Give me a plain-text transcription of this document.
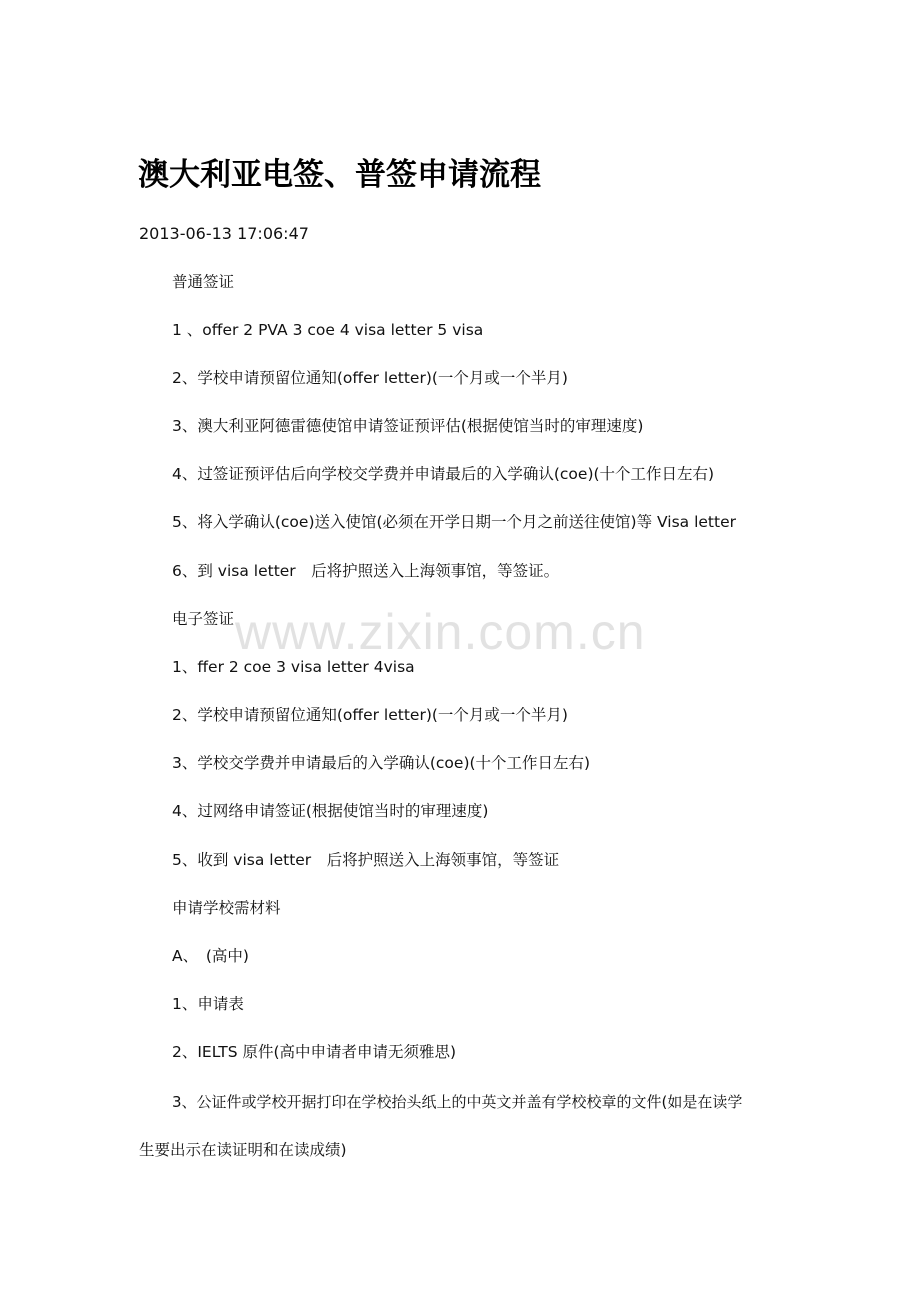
澳大利亚电签、普签申请流程
2013-06-13 17:06:47
普通签证
1 、offer 2 PVA 3 coe 4 visa letter 5 visa
2、学校申请预留位通知(offer letter)(一个月或一个半月)
3、澳大利亚阿德雷德使馆申请签证预评估(根据使馆当时的审理速度)
4、过签证预评估后向学校交学费并申请最后的入学确认(coe)(十个工作日左右)
5、将入学确认(coe)送入使馆(必须在开学日期一个月之前送往使馆)等 Visa letter
6、到 visa letter　后将护照送入上海领事馆，等签证。
电子签证
1、ffer 2 coe 3 visa letter 4visa
2、学校申请预留位通知(offer letter)(一个月或一个半月)
3、学校交学费并申请最后的入学确认(coe)(十个工作日左右)
4、过网络申请签证(根据使馆当时的审理速度)
5、收到 visa letter　后将护照送入上海领事馆，等签证
申请学校需材料
A、　(高中)
1、申请表
2、IELTS 原件(高中申请者申请无须雅思)
3、公证件或学校开据打印在学校抬头纸上的中英文并盖有学校校章的文件(如是在读学
生要出示在读证明和在读成绩)
www.zixin.com.cn
